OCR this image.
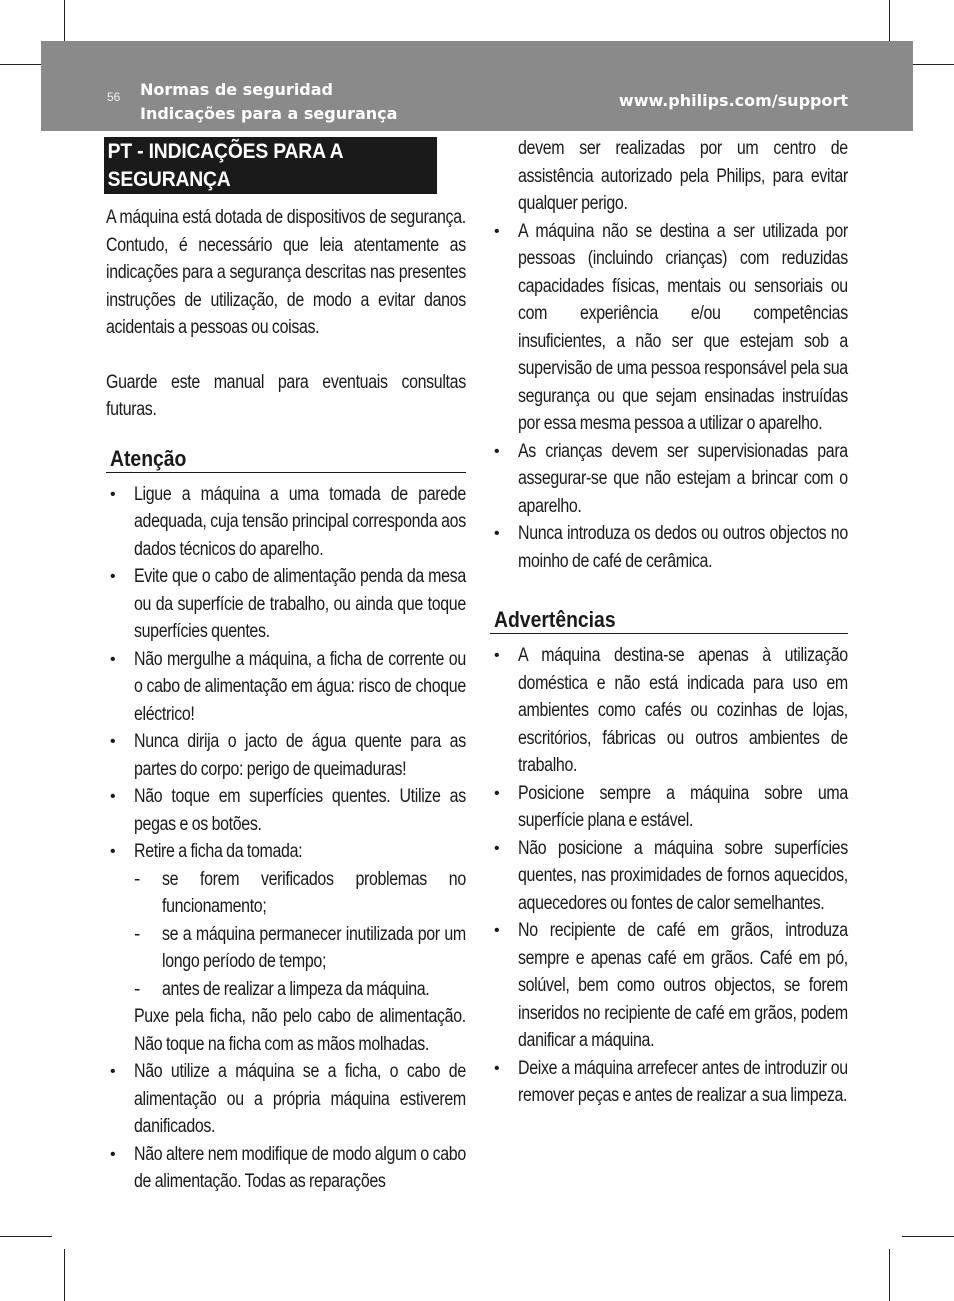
56 Normas de seguridad
Indicações para a segurança
www.philips.com/support
PT - INDICAÇÕES PARA A SEGURANÇA

A máquina está dotada de dispositivos de segurança. Contudo, é necessário que leia atentamente as indicações para a segurança descritas nas presentes instruções de utilização, de modo a evitar danos acidentais a pessoas ou coisas.

Guarde este manual para eventuais consultas futuras.

Atenção
• Ligue a máquina a uma tomada de parede adequada, cuja tensão principal corresponda aos dados técnicos do aparelho.
• Evite que o cabo de alimentação penda da mesa ou da superfície de trabalho, ou ainda que toque superfícies quentes.
• Não mergulhe a máquina, a ficha de corrente ou o cabo de alimentação em água: risco de choque eléctrico!
• Nunca dirija o jacto de água quente para as partes do corpo: perigo de queimaduras!
• Não toque em superfícies quentes. Utilize as pegas e os botões.
• Retire a ficha da tomada:
- se forem verificados problemas no funcionamento;
- se a máquina permanecer inutilizada por um longo período de tempo;
- antes de realizar a limpeza da máquina.
Puxe pela ficha, não pelo cabo de alimentação. Não toque na ficha com as mãos molhadas.
• Não utilize a máquina se a ficha, o cabo de alimentação ou a própria máquina estiverem danificados.
• Não altere nem modifique de modo algum o cabo de alimentação. Todas as reparações
devem ser realizadas por um centro de assistência autorizado pela Philips, para evitar qualquer perigo.
• A máquina não se destina a ser utilizada por pessoas (incluindo crianças) com reduzidas capacidades físicas, mentais ou sensoriais ou com experiência e/ou competências insuficientes, a não ser que estejam sob a supervisão de uma pessoa responsável pela sua segurança ou que sejam ensinadas instruídas por essa mesma pessoa a utilizar o aparelho.
• As crianças devem ser supervisionadas para assegurar-se que não estejam a brincar com o aparelho.
• Nunca introduza os dedos ou outros objectos no moinho de café de cerâmica.
Advertências
• A máquina destina-se apenas à utilização doméstica e não está indicada para uso em ambientes como cafés ou cozinhas de lojas, escritórios, fábricas ou outros ambientes de trabalho.
• Posicione sempre a máquina sobre uma superfície plana e estável.
• Não posicione a máquina sobre superfícies quentes, nas proximidades de fornos aquecidos, aquecedores ou fontes de calor semelhantes.
• No recipiente de café em grãos, introduza sempre e apenas café em grãos. Café em pó, solúvel, bem como outros objectos, se forem inseridos no recipiente de café em grãos, podem danificar a máquina.
• Deixe a máquina arrefecer antes de introduzir ou remover peças e antes de realizar a sua limpeza.
